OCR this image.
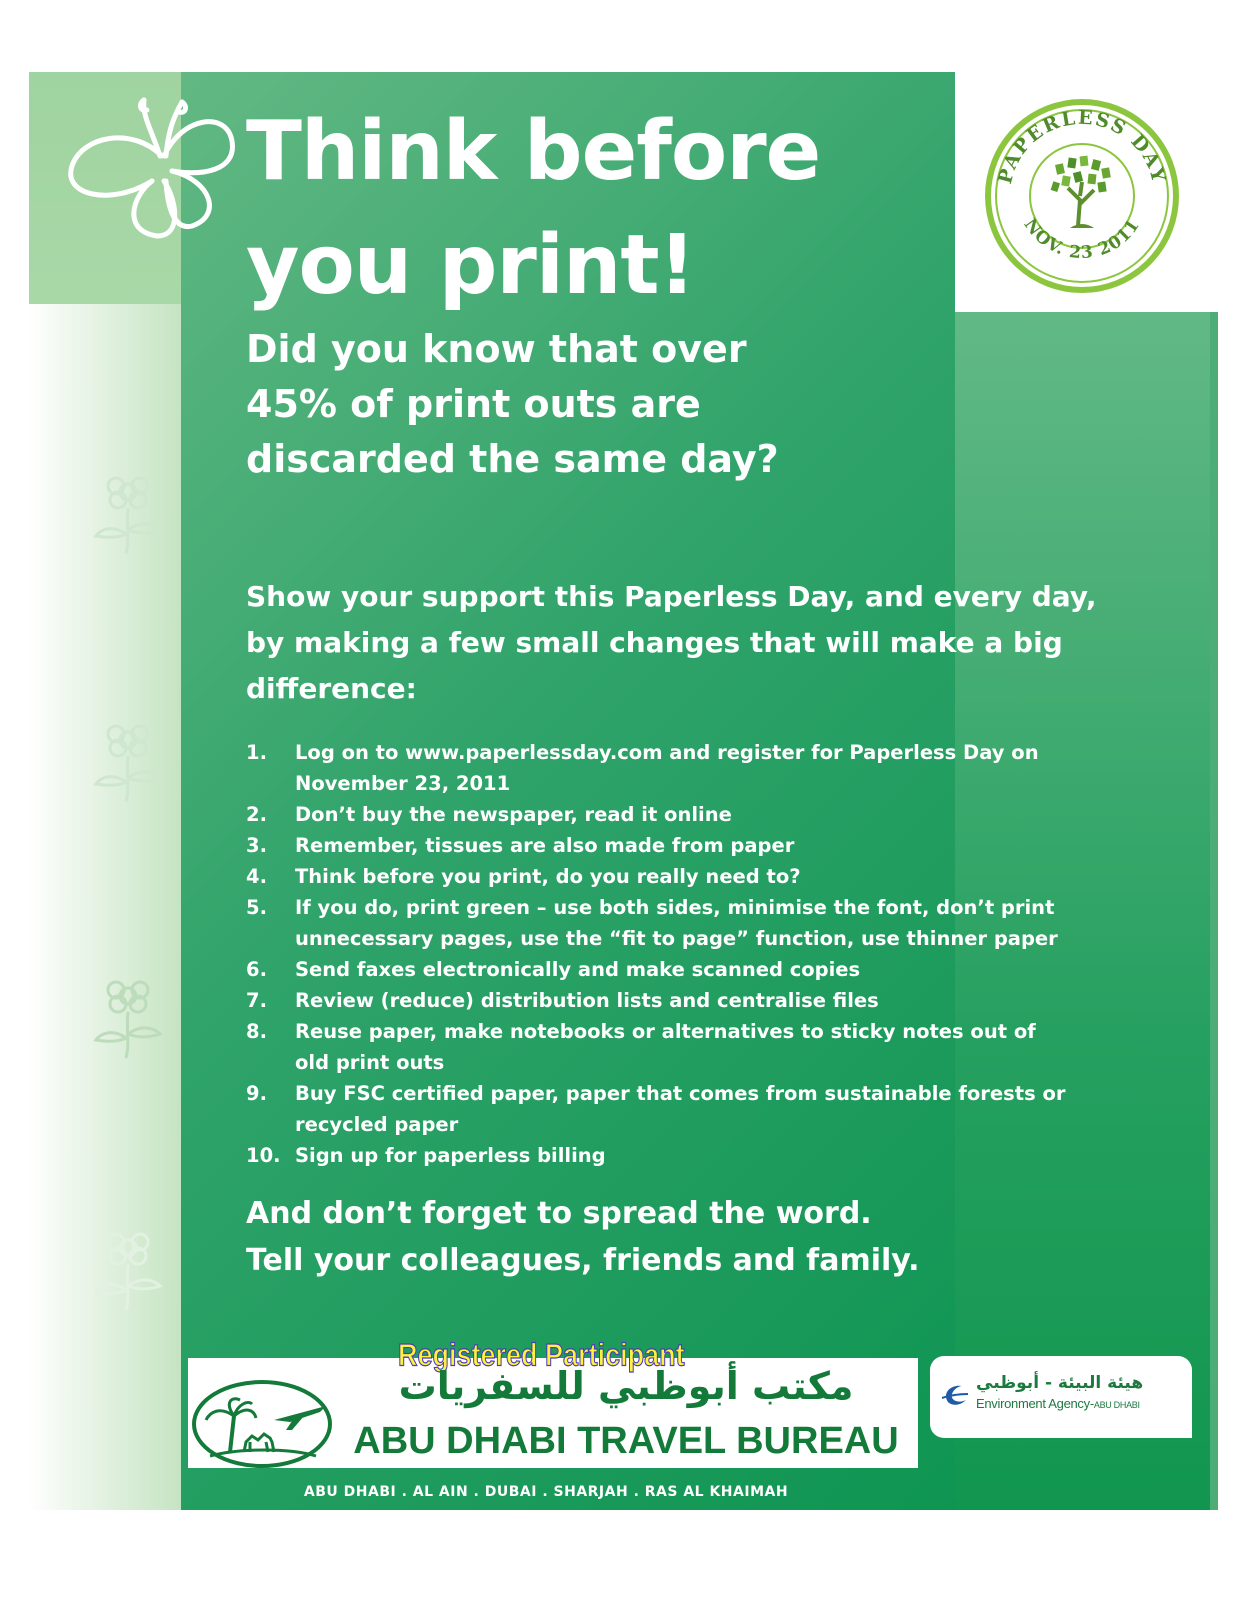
PAPERLESS DAY
NOV. 23 2011
Think before
you print!
Did you know that over
45% of print outs are
discarded the same day?

Show your support this Paperless Day, and every day,
by making a few small changes that will make a big
difference:

1.	Log on to www.paperlessday.com and register for Paperless Day on November 23, 2011
2.	Don’t buy the newspaper, read it online
3.	Remember, tissues are also made from paper
4.	Think before you print, do you really need to?
5.	If you do, print green – use both sides, minimise the font, don’t print unnecessary pages, use the “fit to page” function, use thinner paper
6.	Send faxes electronically and make scanned copies
7.	Review (reduce) distribution lists and centralise files
8.	Reuse paper, make notebooks or alternatives to sticky notes out of old print outs
9.	Buy FSC certified paper, paper that comes from sustainable forests or recycled paper
10. Sign up for paperless billing

And don’t forget to spread the word.
Tell your colleagues, friends and family.

Registered Participant

مكتب أبوظبي للسفريات

ABU DHABI TRAVEL BUREAU

ABU DHABI . AL AIN . DUBAI . SHARJAH . RAS AL KHAIMAH

هيئة البيئة - أبوظبي

Environment Agency-ABU DHABI
